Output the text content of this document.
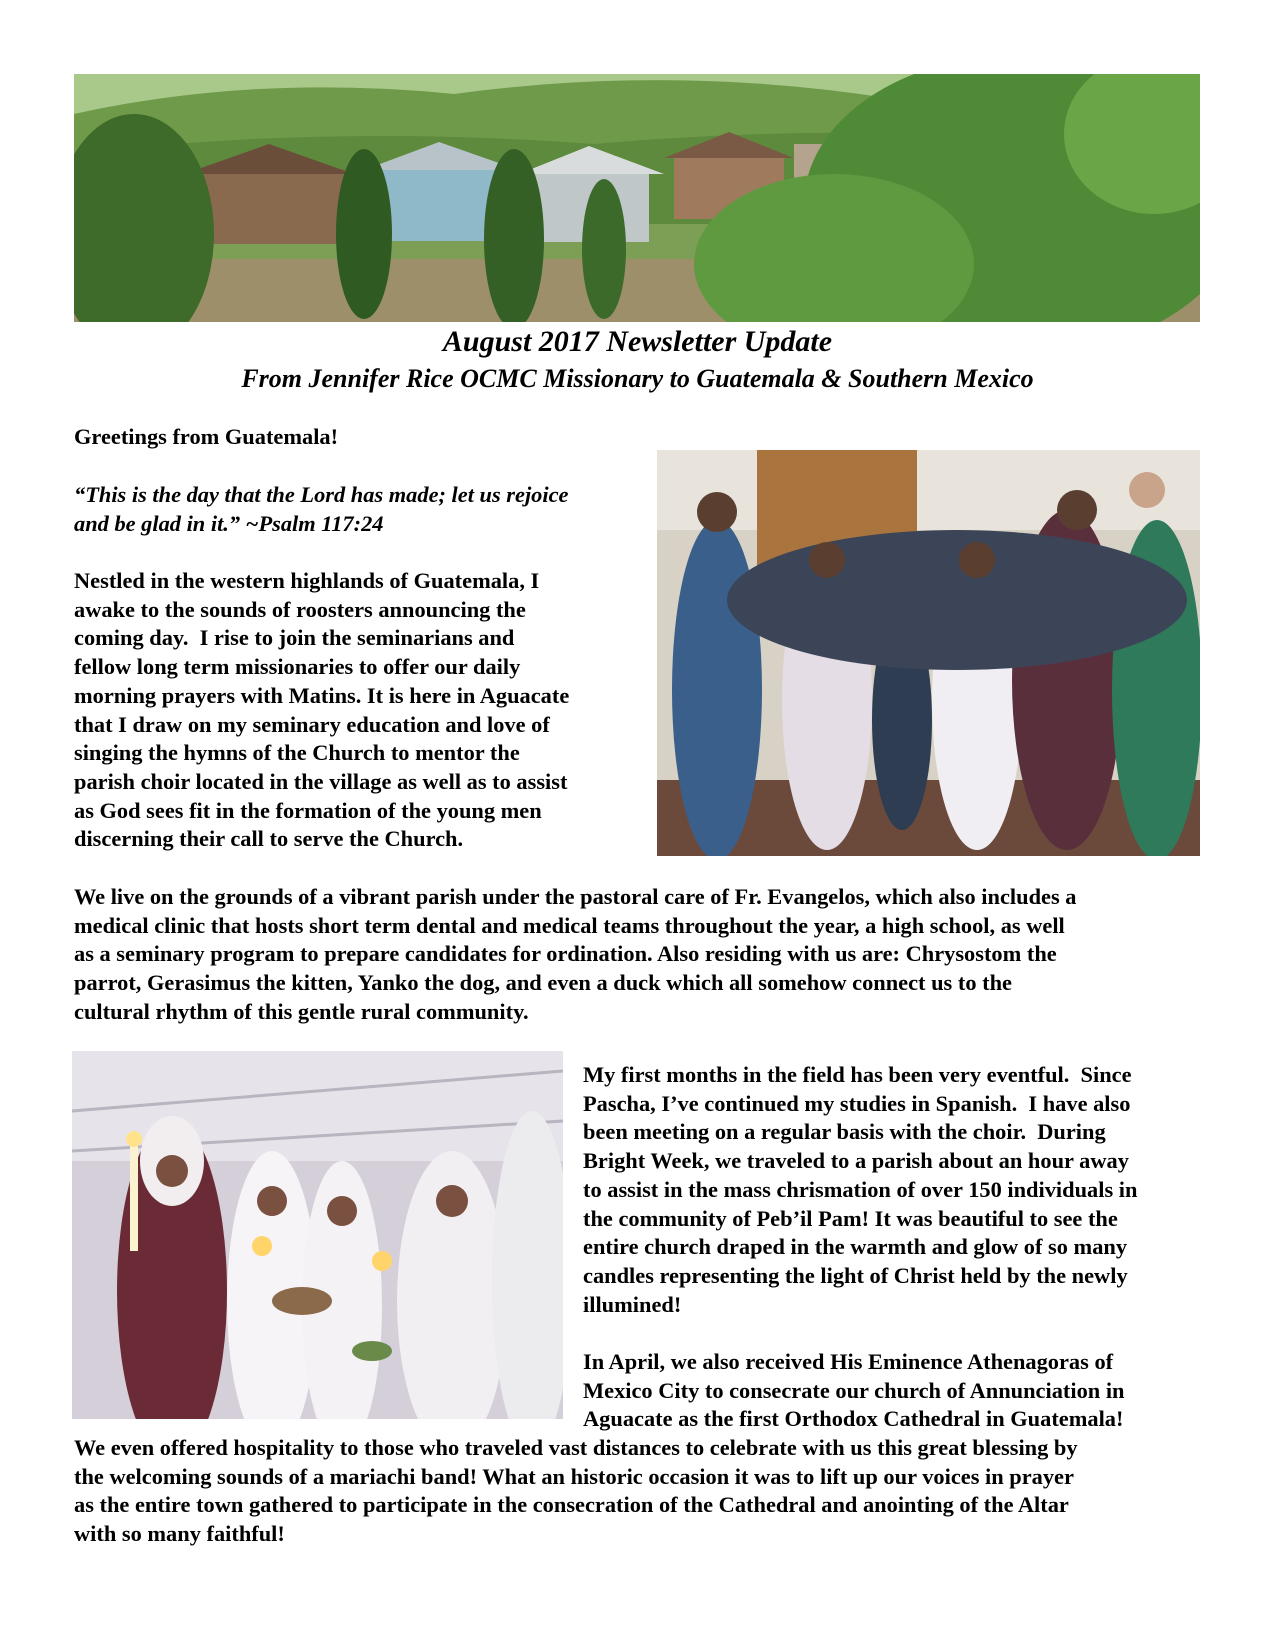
August 2017 Newsletter Update
From Jennifer Rice OCMC Missionary to Guatemala & Southern Mexico

Greetings from Guatemala!

“This is the day that the Lord has made; let us rejoice

and be glad in it.” ~Psalm 117:24

Nestled in the western highlands of Guatemala, I

awake to the sounds of roosters announcing the

coming day.  I rise to join the seminarians and

fellow long term missionaries to offer our daily

morning prayers with Matins. It is here in Aguacate

that I draw on my seminary education and love of

singing the hymns of the Church to mentor the

parish choir located in the village as well as to assist

as God sees fit in the formation of the young men

discerning their call to serve the Church.

We live on the grounds of a vibrant parish under the pastoral care of Fr. Evangelos, which also includes a

medical clinic that hosts short term dental and medical teams throughout the year, a high school, as well

as a seminary program to prepare candidates for ordination. Also residing with us are: Chrysostom the

parrot, Gerasimus the kitten, Yanko the dog, and even a duck which all somehow connect us to the

cultural rhythm of this gentle rural community.

My first months in the field has been very eventful.  Since

Pascha, I’ve continued my studies in Spanish.  I have also

been meeting on a regular basis with the choir.  During

Bright Week, we traveled to a parish about an hour away

to assist in the mass chrismation of over 150 individuals in

the community of Peb’il Pam! It was beautiful to see the

entire church draped in the warmth and glow of so many

candles representing the light of Christ held by the newly

illumined!

In April, we also received His Eminence Athenagoras of

Mexico City to consecrate our church of Annunciation in

Aguacate as the first Orthodox Cathedral in Guatemala!

We even offered hospitality to those who traveled vast distances to celebrate with us this great blessing by

the welcoming sounds of a mariachi band! What an historic occasion it was to lift up our voices in prayer

as the entire town gathered to participate in the consecration of the Cathedral and anointing of the Altar

with so many faithful!
